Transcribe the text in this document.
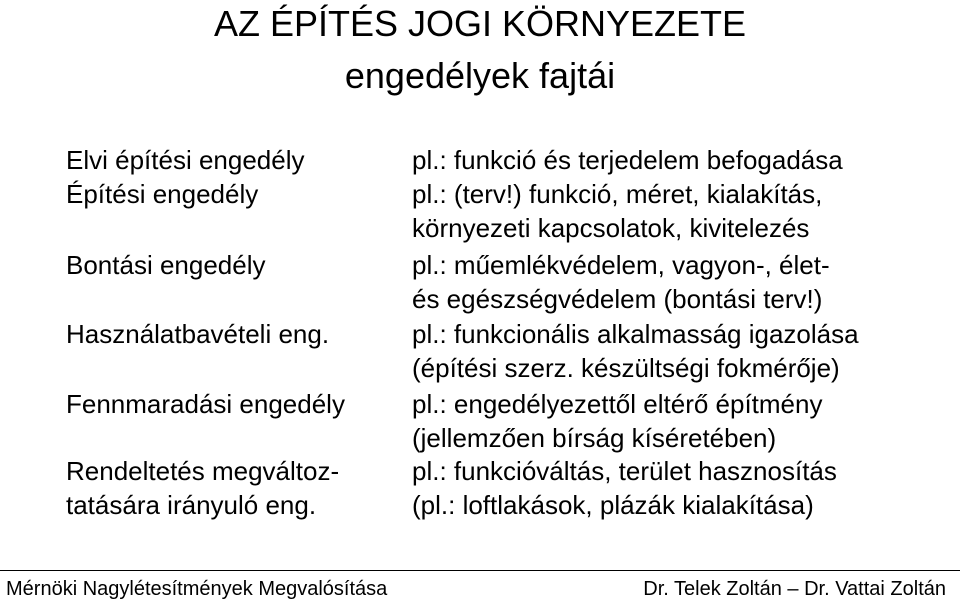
AZ ÉPÍTÉS JOGI KÖRNYEZETE
engedélyek fajtái
Elvi építési engedély
Építési engedély
Bontási engedély
Használatbavételi eng.
Fennmaradási engedély
Rendeltetés megváltoz-
tatására irányuló eng.
pl.: funkció és terjedelem befogadása
pl.: (terv!) funkció, méret, kialakítás,
környezeti kapcsolatok, kivitelezés
pl.: műemlékvédelem, vagyon-, élet-
és egészségvédelem (bontási terv!)
pl.: funkcionális alkalmasság igazolása
(építési szerz. készültségi fokmérője)
pl.: engedélyezettől eltérő építmény
(jellemzően bírság kíséretében)
pl.: funkcióváltás, terület hasznosítás
(pl.: loftlakások, plázák kialakítása)
Mérnöki Nagylétesítmények Megvalósítása	Dr. Telek Zoltán – Dr. Vattai Zoltán
